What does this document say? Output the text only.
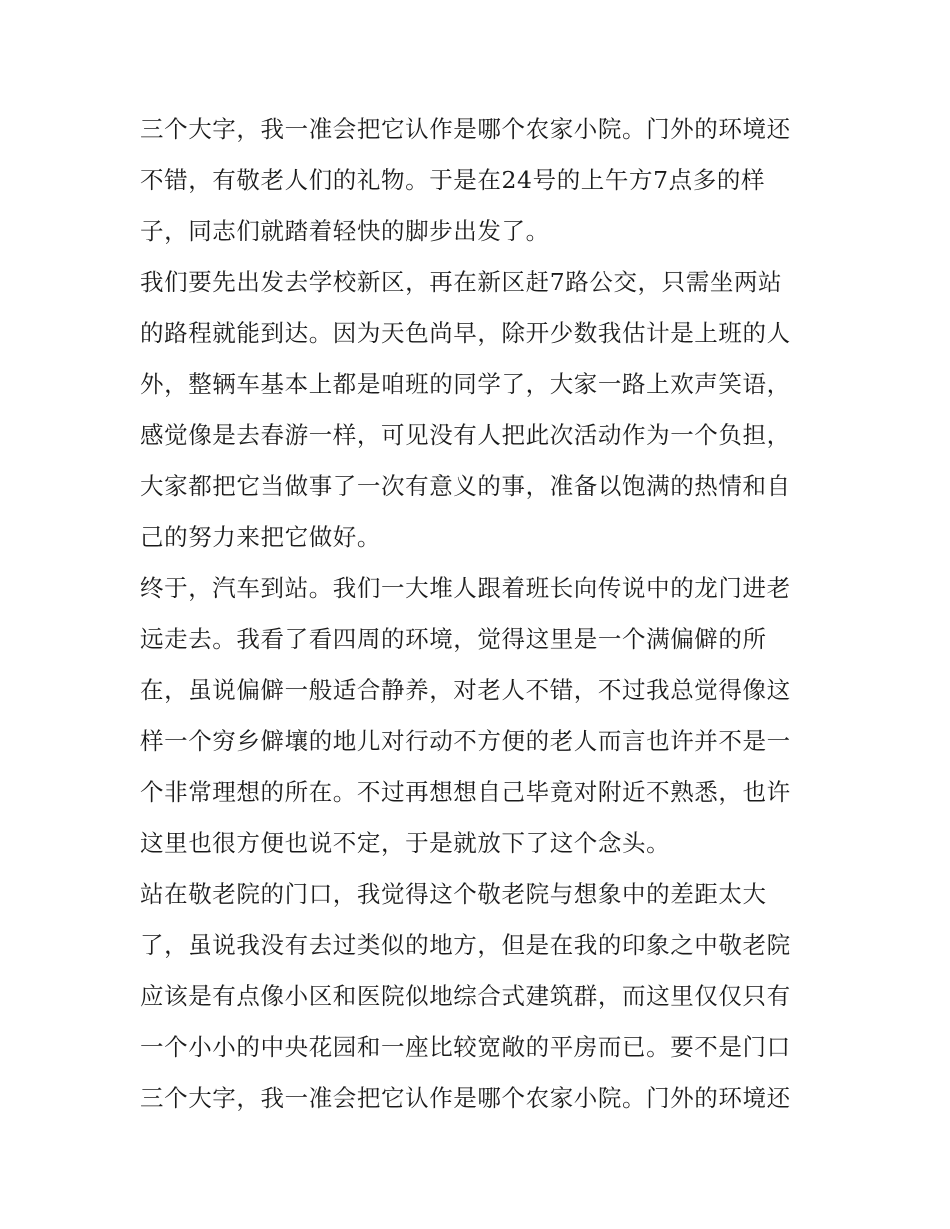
三个大字，我一准会把它认作是哪个农家小院。门外的环境还
不错，有敬老人们的礼物。于是在24号的上午方7点多的样
子，同志们就踏着轻快的脚步出发了。
我们要先出发去学校新区，再在新区赶7路公交，只需坐两站
的路程就能到达。因为天色尚早，除开少数我估计是上班的人
外，整辆车基本上都是咱班的同学了，大家一路上欢声笑语，
感觉像是去春游一样，可见没有人把此次活动作为一个负担，
大家都把它当做事了一次有意义的事，准备以饱满的热情和自
己的努力来把它做好。
终于，汽车到站。我们一大堆人跟着班长向传说中的龙门进老
远走去。我看了看四周的环境，觉得这里是一个满偏僻的所
在，虽说偏僻一般适合静养，对老人不错，不过我总觉得像这
样一个穷乡僻壤的地儿对行动不方便的老人而言也许并不是一
个非常理想的所在。不过再想想自己毕竟对附近不熟悉，也许
这里也很方便也说不定，于是就放下了这个念头。
站在敬老院的门口，我觉得这个敬老院与想象中的差距太大
了，虽说我没有去过类似的地方，但是在我的印象之中敬老院
应该是有点像小区和医院似地综合式建筑群，而这里仅仅只有
一个小小的中央花园和一座比较宽敞的平房而已。要不是门口
三个大字，我一准会把它认作是哪个农家小院。门外的环境还
